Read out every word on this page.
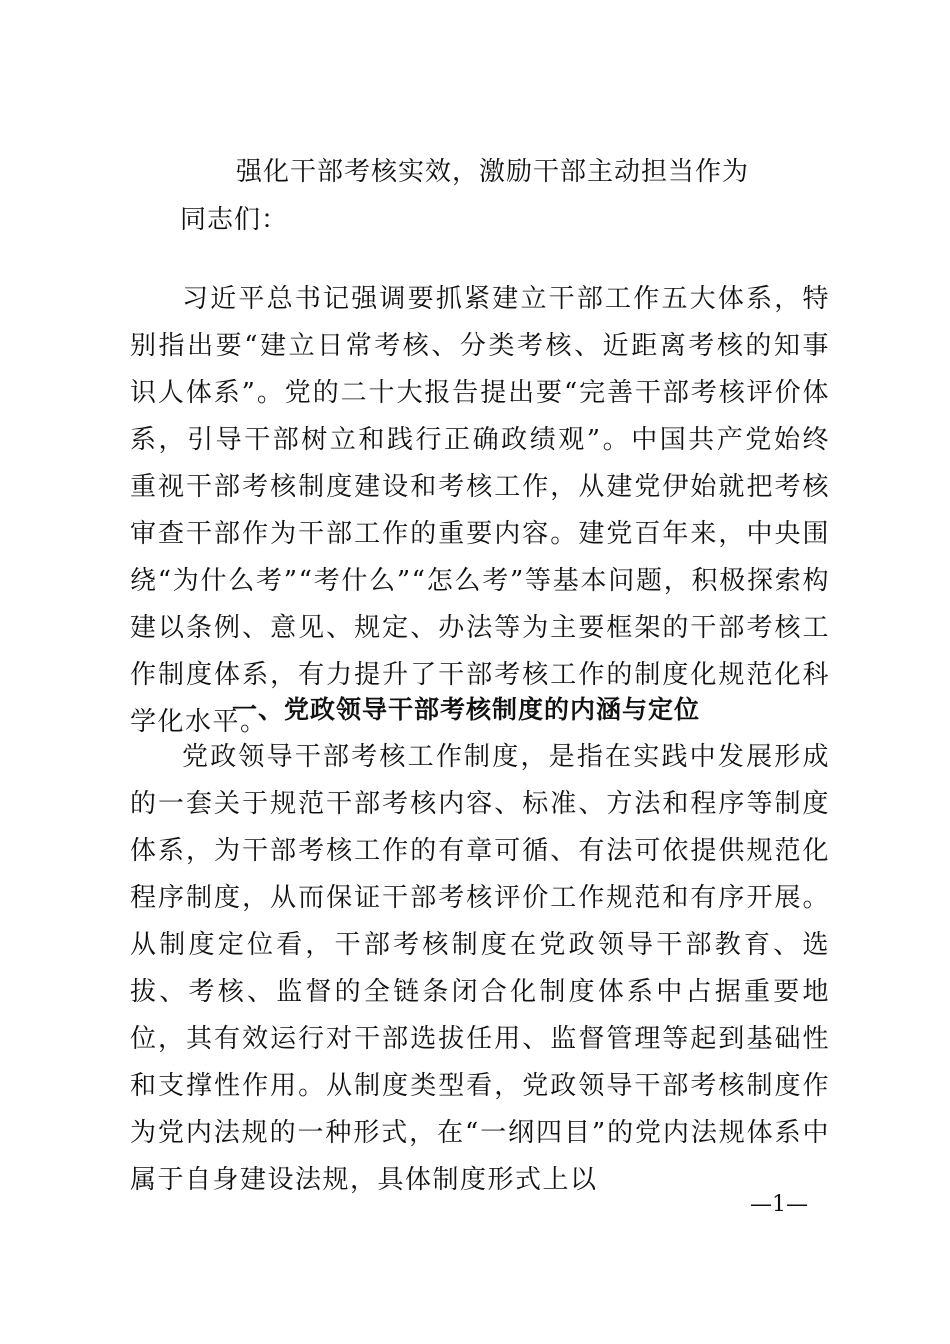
强化干部考核实效，激励干部主动担当作为
同志们：
习近平总书记强调要抓紧建立干部工作五大体系，特别指出要“建立日常考核、分类考核、近距离考核的知事识人体系”。党的二十大报告提出要“完善干部考核评价体系，引导干部树立和践行正确政绩观”。中国共产党始终重视干部考核制度建设和考核工作，从建党伊始就把考核审查干部作为干部工作的重要内容。建党百年来，中央围绕“为什么考”“考什么”“怎么考”等基本问题，积极探索构建以条例、意见、规定、办法等为主要框架的干部考核工作制度体系，有力提升了干部考核工作的制度化规范化科学化水平。
一、党政领导干部考核制度的内涵与定位
党政领导干部考核工作制度，是指在实践中发展形成的一套关于规范干部考核内容、标准、方法和程序等制度体系，为干部考核工作的有章可循、有法可依提供规范化程序制度，从而保证干部考核评价工作规范和有序开展。从制度定位看，干部考核制度在党政领导干部教育、选拔、考核、监督的全链条闭合化制度体系中占据重要地位，其有效运行对干部选拔任用、监督管理等起到基础性和支撑性作用。从制度类型看，党政领导干部考核制度作为党内法规的一种形式，在“一纲四目”的党内法规体系中属于自身建设法规，具体制度形式上以
—1—
